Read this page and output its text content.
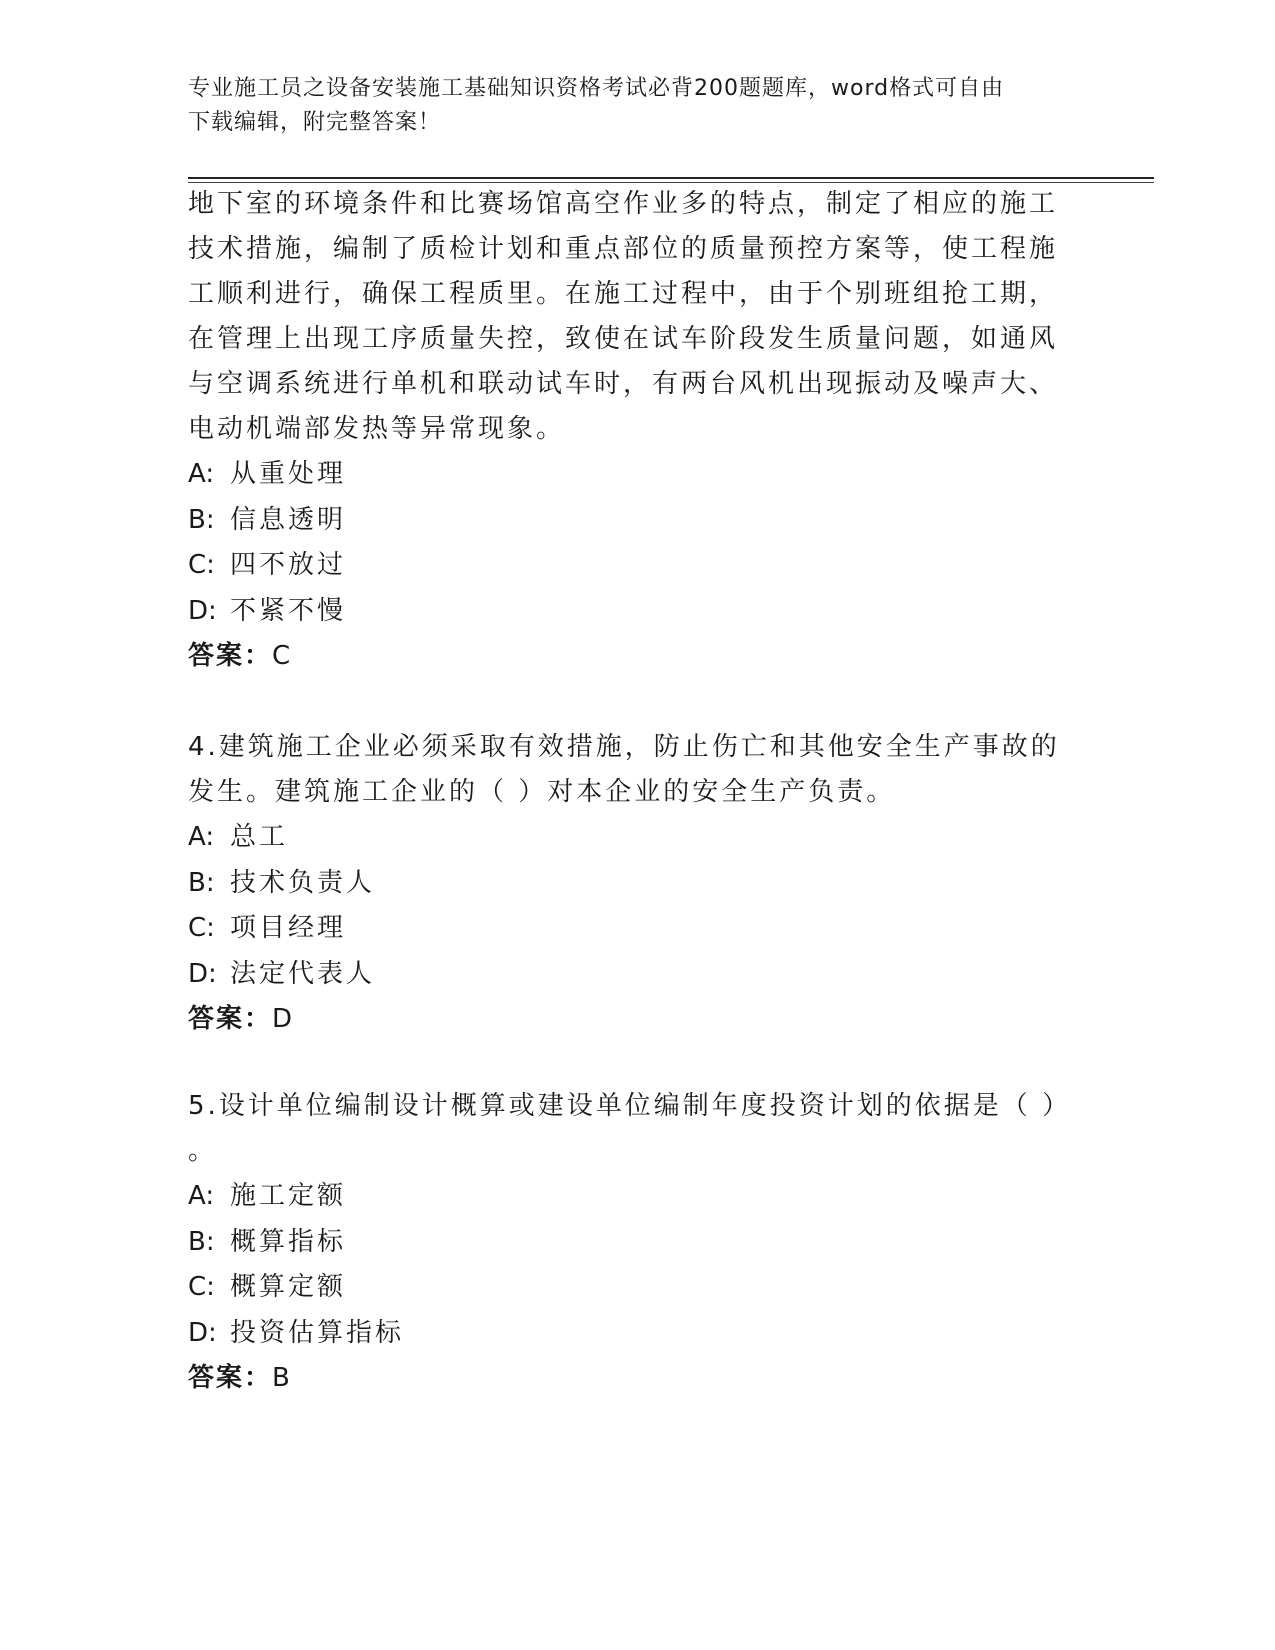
专业施工员之设备安装施工基础知识资格考试必背200题题库，word格式可自由
下载编辑，附完整答案！

地下室的环境条件和比赛场馆高空作业多的特点，制定了相应的施工

技术措施，编制了质检计划和重点部位的质量预控方案等，使工程施

工顺利进行，确保工程质里。在施工过程中，由于个别班组抢工期，

在管理上出现工序质量失控，致使在试车阶段发生质量问题，如通风

与空调系统进行单机和联动试车时，有两台风机出现振动及噪声大、

电动机端部发热等异常现象。

A: 从重处理

B: 信息透明

C: 四不放过

D: 不紧不慢

答案：C

4.建筑施工企业必须采取有效措施，防止伤亡和其他安全生产事故的

发生。建筑施工企业的（ ）对本企业的安全生产负责。

A: 总工

B: 技术负责人

C: 项目经理

D: 法定代表人

答案：D

5.设计单位编制设计概算或建设单位编制年度投资计划的依据是（ ）

。

A: 施工定额

B: 概算指标

C: 概算定额

D: 投资估算指标

答案：B
